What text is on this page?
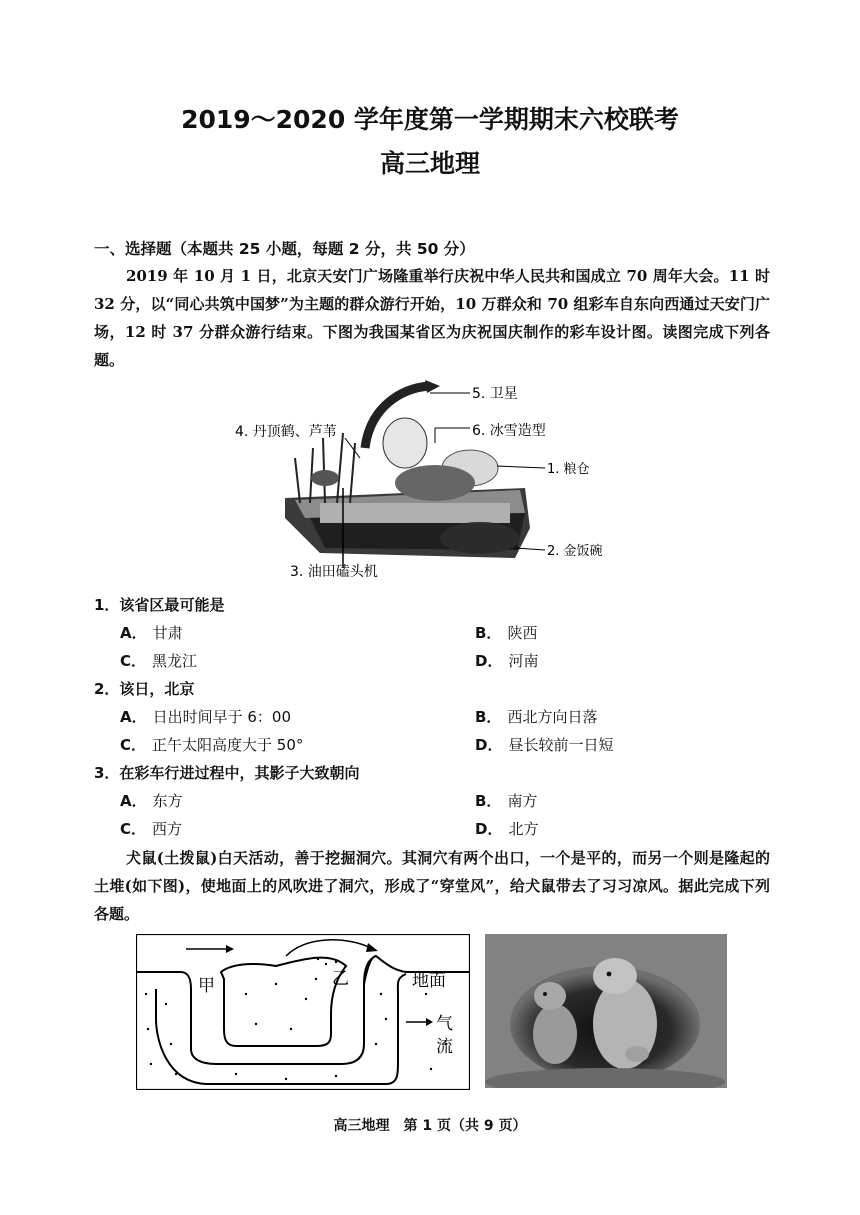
2019～2020 学年度第一学期期末六校联考
高三地理
一、选择题（本题共 25 小题，每题 2 分，共 50 分）

2019 年 10 月 1 日，北京天安门广场隆重举行庆祝中华人民共和国成立 70 周年大会。11 时 32 分，以“同心共筑中国梦”为主题的群众游行开始，10 万群众和 70 组彩车自东向西通过天安门广场，12 时 37 分群众游行结束。下图为我国某省区为庆祝国庆制作的彩车设计图。读图完成下列各题。

5. 卫星
4. 丹顶鹤、芦苇	6. 冰雪造型
1. 粮仓
2. 金饭碗
3. 油田磕头机
1．该省区最可能是
A． 甘肃	B． 陕西
C． 黑龙江	D． 河南
2．该日，北京
A． 日出时间早于 6：00	B． 西北方向日落
C． 正午太阳高度大于 50°	D． 昼长较前一日短
3．在彩车行进过程中，其影子大致朝向
A． 东方	B． 南方
C． 西方	D． 北方

犬鼠(土拨鼠)白天活动，善于挖掘洞穴。其洞穴有两个出口，一个是平的，而另一个则是隆起的土堆(如下图)，使地面上的风吹进了洞穴，形成了“穿堂风”，给犬鼠带去了习习凉风。据此完成下列各题。

甲	乙	地面
气
流
高三地理　第 1 页（共 9 页）
